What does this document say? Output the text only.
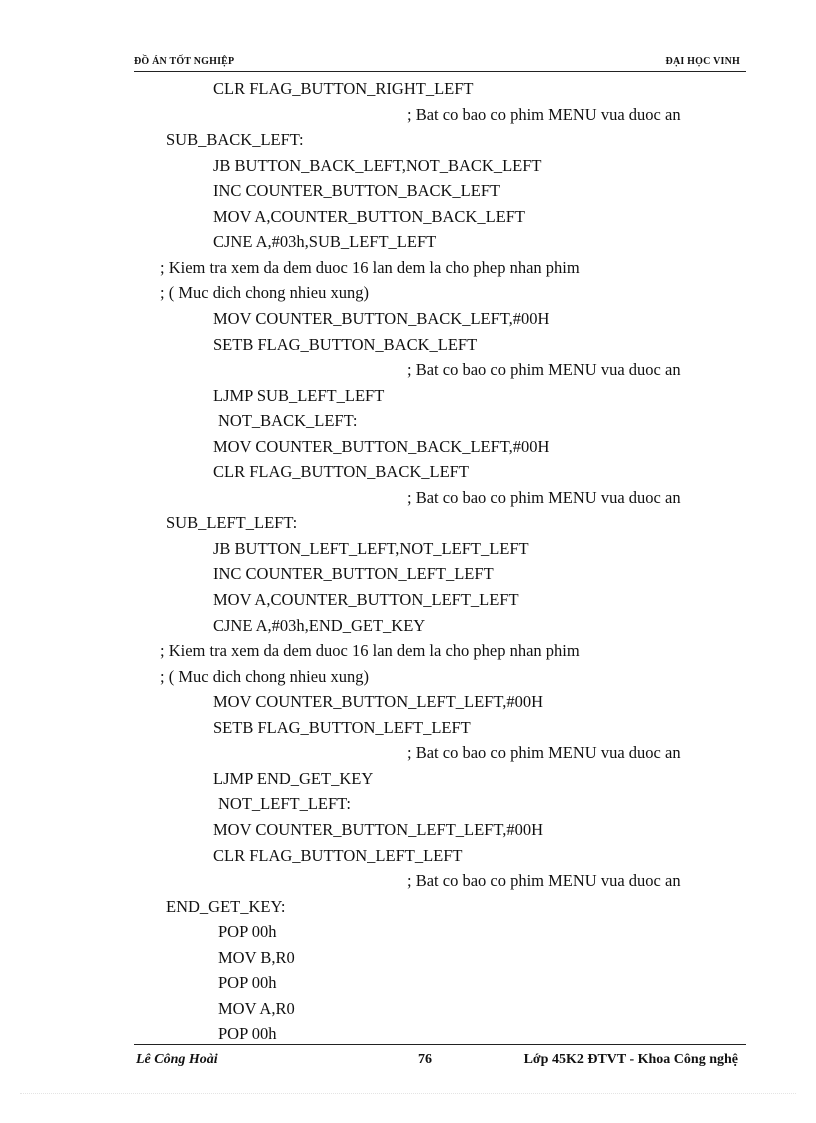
ĐỒ ÁN TỐT NGHIỆP	ĐẠI HỌC VINH
CLR FLAG_BUTTON_RIGHT_LEFT
; Bat co bao co phim MENU vua duoc an
SUB_BACK_LEFT:
JB BUTTON_BACK_LEFT,NOT_BACK_LEFT
INC COUNTER_BUTTON_BACK_LEFT
MOV A,COUNTER_BUTTON_BACK_LEFT
CJNE A,#03h,SUB_LEFT_LEFT
; Kiem tra xem da dem duoc 16 lan dem la cho phep nhan phim
; ( Muc dich chong nhieu xung)
MOV COUNTER_BUTTON_BACK_LEFT,#00H
SETB FLAG_BUTTON_BACK_LEFT
; Bat co bao co phim MENU vua duoc an
LJMP SUB_LEFT_LEFT
NOT_BACK_LEFT:
MOV COUNTER_BUTTON_BACK_LEFT,#00H
CLR FLAG_BUTTON_BACK_LEFT
; Bat co bao co phim MENU vua duoc an
SUB_LEFT_LEFT:
JB BUTTON_LEFT_LEFT,NOT_LEFT_LEFT
INC COUNTER_BUTTON_LEFT_LEFT
MOV A,COUNTER_BUTTON_LEFT_LEFT
CJNE A,#03h,END_GET_KEY
; Kiem tra xem da dem duoc 16 lan dem la cho phep nhan phim
; ( Muc dich chong nhieu xung)
MOV COUNTER_BUTTON_LEFT_LEFT,#00H
SETB FLAG_BUTTON_LEFT_LEFT
; Bat co bao co phim MENU vua duoc an
LJMP END_GET_KEY
NOT_LEFT_LEFT:
MOV COUNTER_BUTTON_LEFT_LEFT,#00H
CLR FLAG_BUTTON_LEFT_LEFT
; Bat co bao co phim MENU vua duoc an
END_GET_KEY:
POP 00h
MOV B,R0
POP 00h
MOV A,R0
POP 00h
Lê Công Hoài	76	Lớp 45K2 ĐTVT - Khoa Công nghệ
